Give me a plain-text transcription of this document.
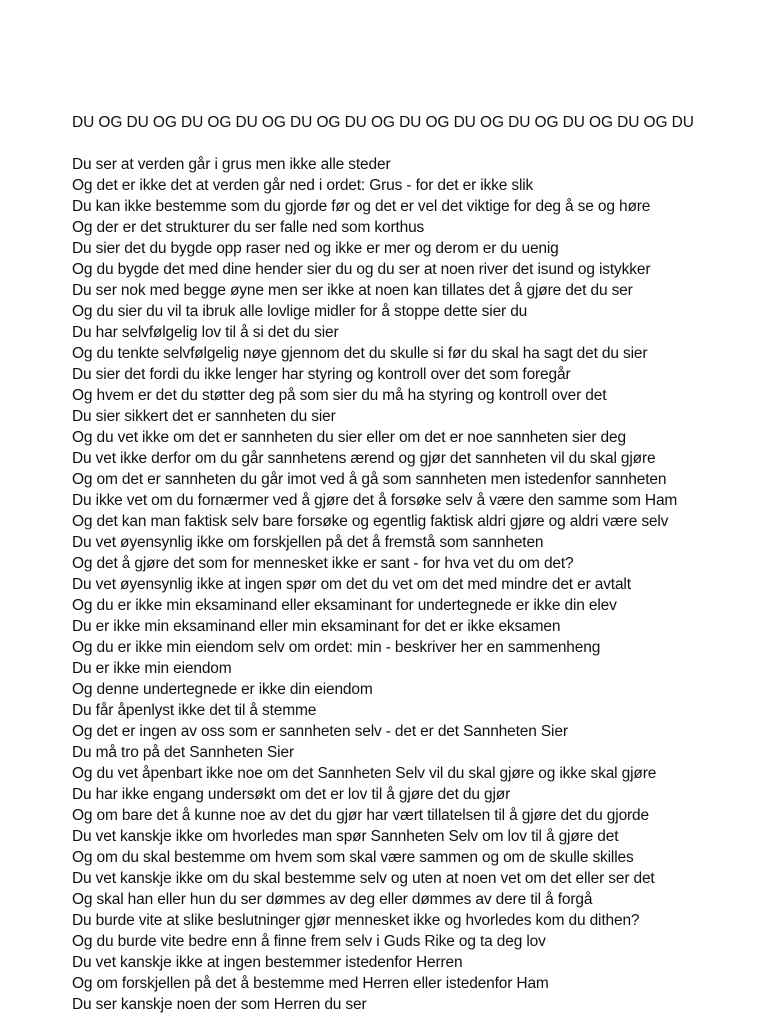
DU OG DU OG DU OG DU OG DU OG DU OG DU OG DU OG DU OG DU OG DU OG DU
Du ser at verden går i grus men ikke alle steder
Og det er ikke det at verden går ned i ordet: Grus - for det er ikke slik
Du kan ikke bestemme som du gjorde før og det er vel det viktige for deg å se og høre
Og der er det strukturer du ser falle ned som korthus
Du sier det du bygde opp raser ned og ikke er mer og derom er du uenig
Og du bygde det med dine hender sier du og du ser at noen river det isund og istykker
Du ser nok med begge øyne men ser ikke at noen kan tillates det å gjøre det du ser
Og du sier du vil ta ibruk alle lovlige midler for å stoppe dette sier du
Du har selvfølgelig lov til å si det du sier
Og du tenkte selvfølgelig nøye gjennom det du skulle si før du skal ha sagt det du sier
Du sier det fordi du ikke lenger har styring og kontroll over det som foregår
Og hvem er det du støtter deg på som sier du må ha styring og kontroll over det
Du sier sikkert det er sannheten du sier
Og du vet ikke om det er sannheten du sier eller om det er noe sannheten sier deg
Du vet ikke derfor om du går sannhetens ærend og gjør det sannheten vil du skal gjøre
Og om det er sannheten du går imot ved å gå som sannheten men istedenfor sannheten
Du ikke vet om du fornærmer ved å gjøre det å forsøke selv å være den samme som Ham
Og det kan man faktisk selv bare forsøke og egentlig faktisk aldri gjøre og aldri være selv
Du vet øyensynlig ikke om forskjellen på det å fremstå som sannheten
Og det å gjøre det som for mennesket ikke er sant - for hva vet du om det?
Du vet øyensynlig ikke at ingen spør om det du vet om det med mindre det er avtalt
Og du er ikke min eksaminand eller eksaminant for undertegnede er ikke din elev
Du er ikke min eksaminand eller min eksaminant for det er ikke eksamen
Og du er ikke min eiendom selv om ordet: min - beskriver her en sammenheng
Du er ikke min eiendom
Og denne undertegnede er ikke din eiendom
Du får åpenlyst ikke det til å stemme
Og det er ingen av oss som er sannheten selv - det er det Sannheten Sier
Du må tro på det Sannheten Sier
Og du vet åpenbart ikke noe om det Sannheten Selv vil du skal gjøre og ikke skal gjøre
Du har ikke engang undersøkt om det er lov til å gjøre det du gjør
Og om bare det å kunne noe av det du gjør har vært tillatelsen til å gjøre det du gjorde
Du vet kanskje ikke om hvorledes man spør Sannheten Selv om lov til å gjøre det
Og om du skal bestemme om hvem som skal være sammen og om de skulle skilles
Du vet kanskje ikke om du skal bestemme selv og uten at noen vet om det eller ser det
Og skal han eller hun du ser dømmes av deg eller dømmes av dere til å forgå
Du burde vite at slike beslutninger gjør mennesket ikke og hvorledes kom du dithen?
Og du burde vite bedre enn å finne frem selv i Guds Rike og ta deg lov
Du vet kanskje ikke at ingen bestemmer istedenfor Herren
Og om forskjellen på det å bestemme med Herren eller istedenfor Ham
Du ser kanskje noen der som Herren du ser
